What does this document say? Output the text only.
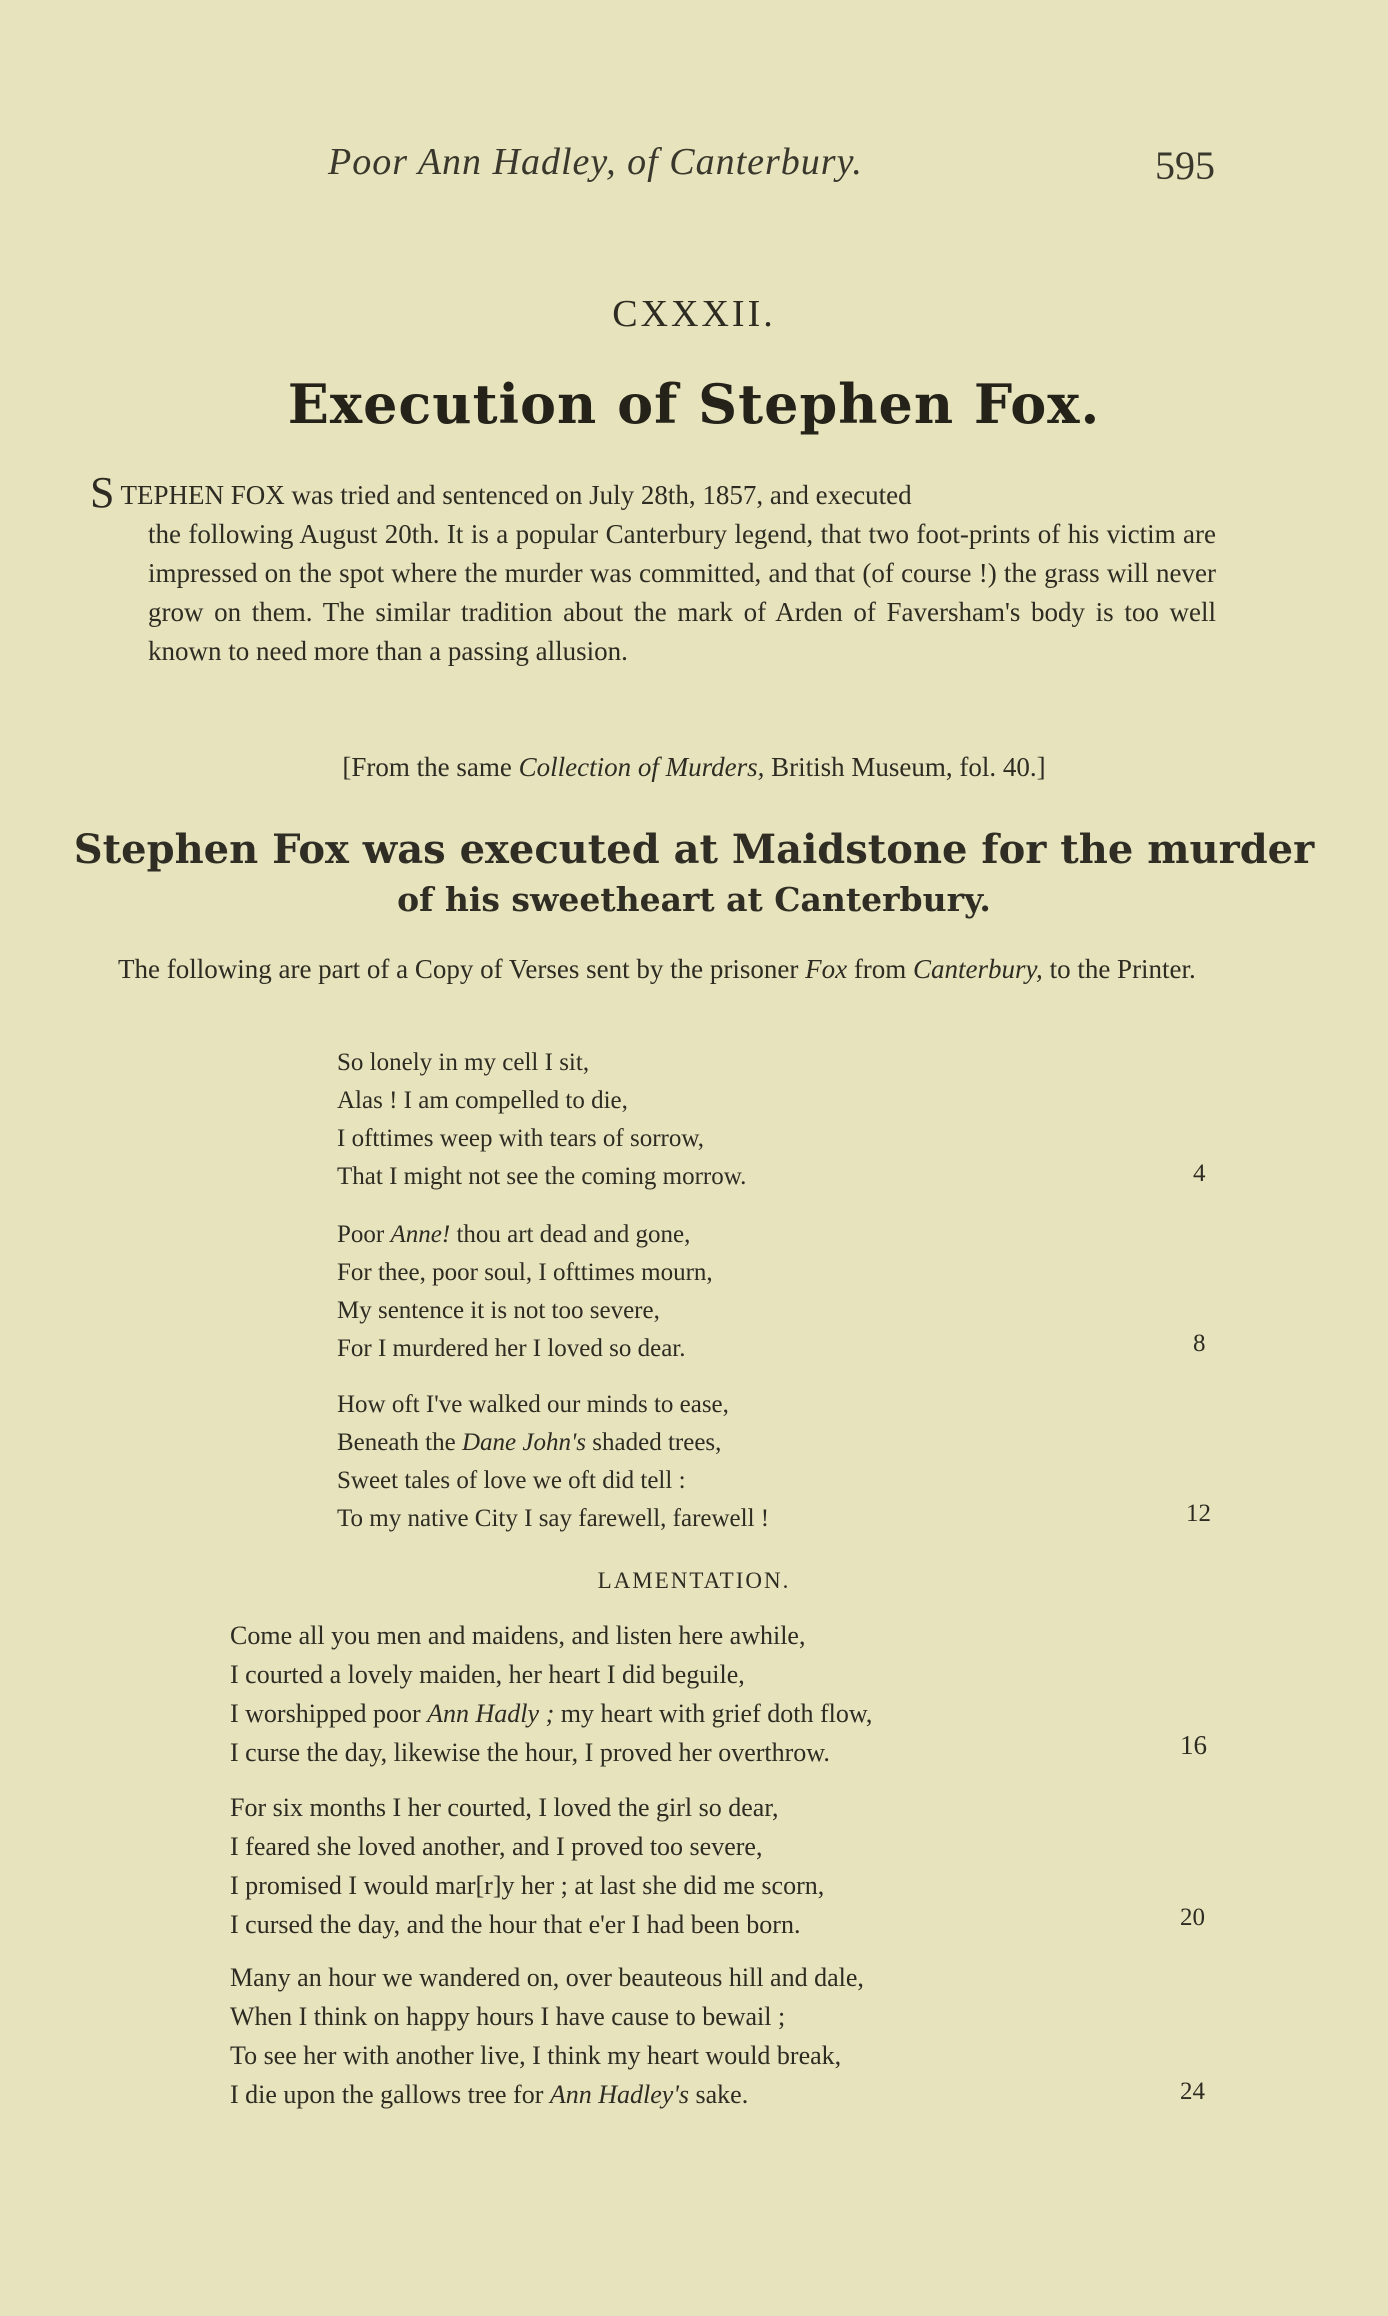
Poor Ann Hadley, of Canterbury.	595
CXXXII.
Execution of Stephen Fox.

STEPHEN FOX was tried and sentenced on July 28th, 1857, and executed
the following August 20th. It is a popular Canterbury legend, that two foot-prints of his victim are impressed on the spot where the murder was committed, and that (of course !) the grass will never grow on them. The similar tradition about the mark of Arden of Faversham's body is too well known to need more than a passing allusion.

[From the same Collection of Murders, British Museum, fol. 40.]
Stephen Fox was executed at Maidstone for the murder
of his sweetheart at Canterbury.
The following are part of a Copy of Verses sent by the prisoner Fox from Canterbury, to the Printer.
So lonely in my cell I sit,
Alas ! I am compelled to die,
I ofttimes weep with tears of sorrow,
That I might not see the coming morrow.	4
Poor Anne! thou art dead and gone,
For thee, poor soul, I ofttimes mourn,
My sentence it is not too severe,
For I murdered her I loved so dear.	8
How oft I've walked our minds to ease,
Beneath the Dane John's shaded trees,
Sweet tales of love we oft did tell :
To my native City I say farewell, farewell !	12
LAMENTATION.
Come all you men and maidens, and listen here awhile,
I courted a lovely maiden, her heart I did beguile,
I worshipped poor Ann Hadly ; my heart with grief doth flow,
I curse the day, likewise the hour, I proved her overthrow.	16
For six months I her courted, I loved the girl so dear,
I feared she loved another, and I proved too severe,
I promised I would mar[r]y her ; at last she did me scorn,
I cursed the day, and the hour that e'er I had been born.	20
Many an hour we wandered on, over beauteous hill and dale,
When I think on happy hours I have cause to bewail ;
To see her with another live, I think my heart would break,
I die upon the gallows tree for Ann Hadley's sake.	24
